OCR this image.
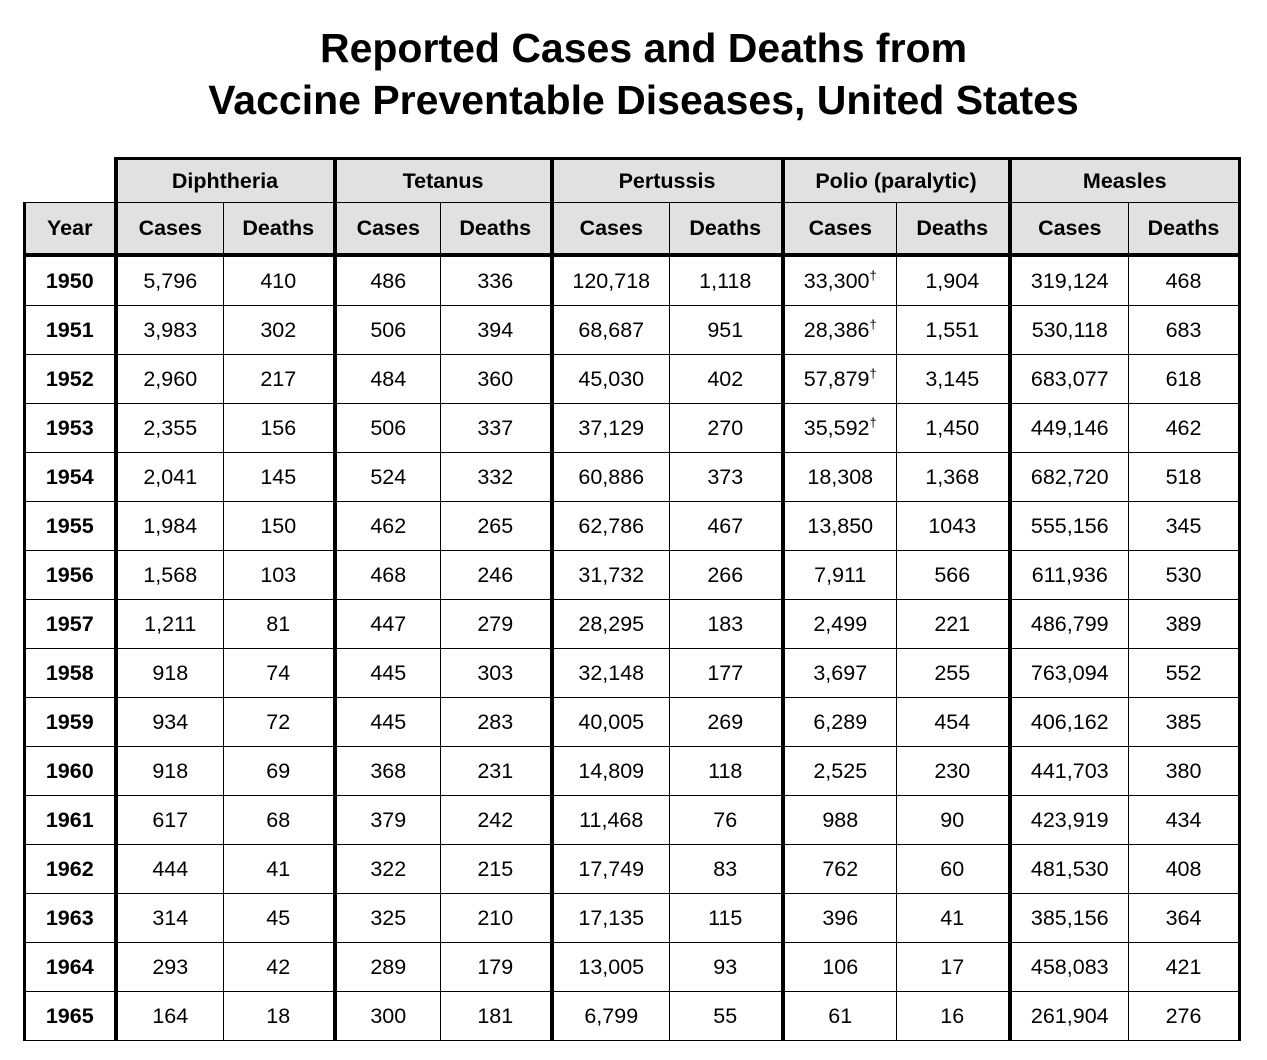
Reported Cases and Deaths from
Vaccine Preventable Diseases, United States
	Diphtheria		Tetanus		Pertussis		Polio (paralytic)		Measles	
Year	Cases	Deaths	Cases	Deaths	Cases	Deaths	Cases	Deaths	Cases	Deaths
1950	5,796	410	486	336	120,718	1,118	33,300†	1,904	319,124	468
1951	3,983	302	506	394	68,687	951	28,386†	1,551	530,118	683
1952	2,960	217	484	360	45,030	402	57,879†	3,145	683,077	618
1953	2,355	156	506	337	37,129	270	35,592†	1,450	449,146	462
1954	2,041	145	524	332	60,886	373	18,308	1,368	682,720	518
1955	1,984	150	462	265	62,786	467	13,850	1043	555,156	345
1956	1,568	103	468	246	31,732	266	7,911	566	611,936	530
1957	1,211	81	447	279	28,295	183	2,499	221	486,799	389
1958	918	74	445	303	32,148	177	3,697	255	763,094	552
1959	934	72	445	283	40,005	269	6,289	454	406,162	385
1960	918	69	368	231	14,809	118	2,525	230	441,703	380
1961	617	68	379	242	11,468	76	988	90	423,919	434
1962	444	41	322	215	17,749	83	762	60	481,530	408
1963	314	45	325	210	17,135	115	396	41	385,156	364
1964	293	42	289	179	13,005	93	106	17	458,083	421
1965	164	18	300	181	6,799	55	61	16	261,904	276
